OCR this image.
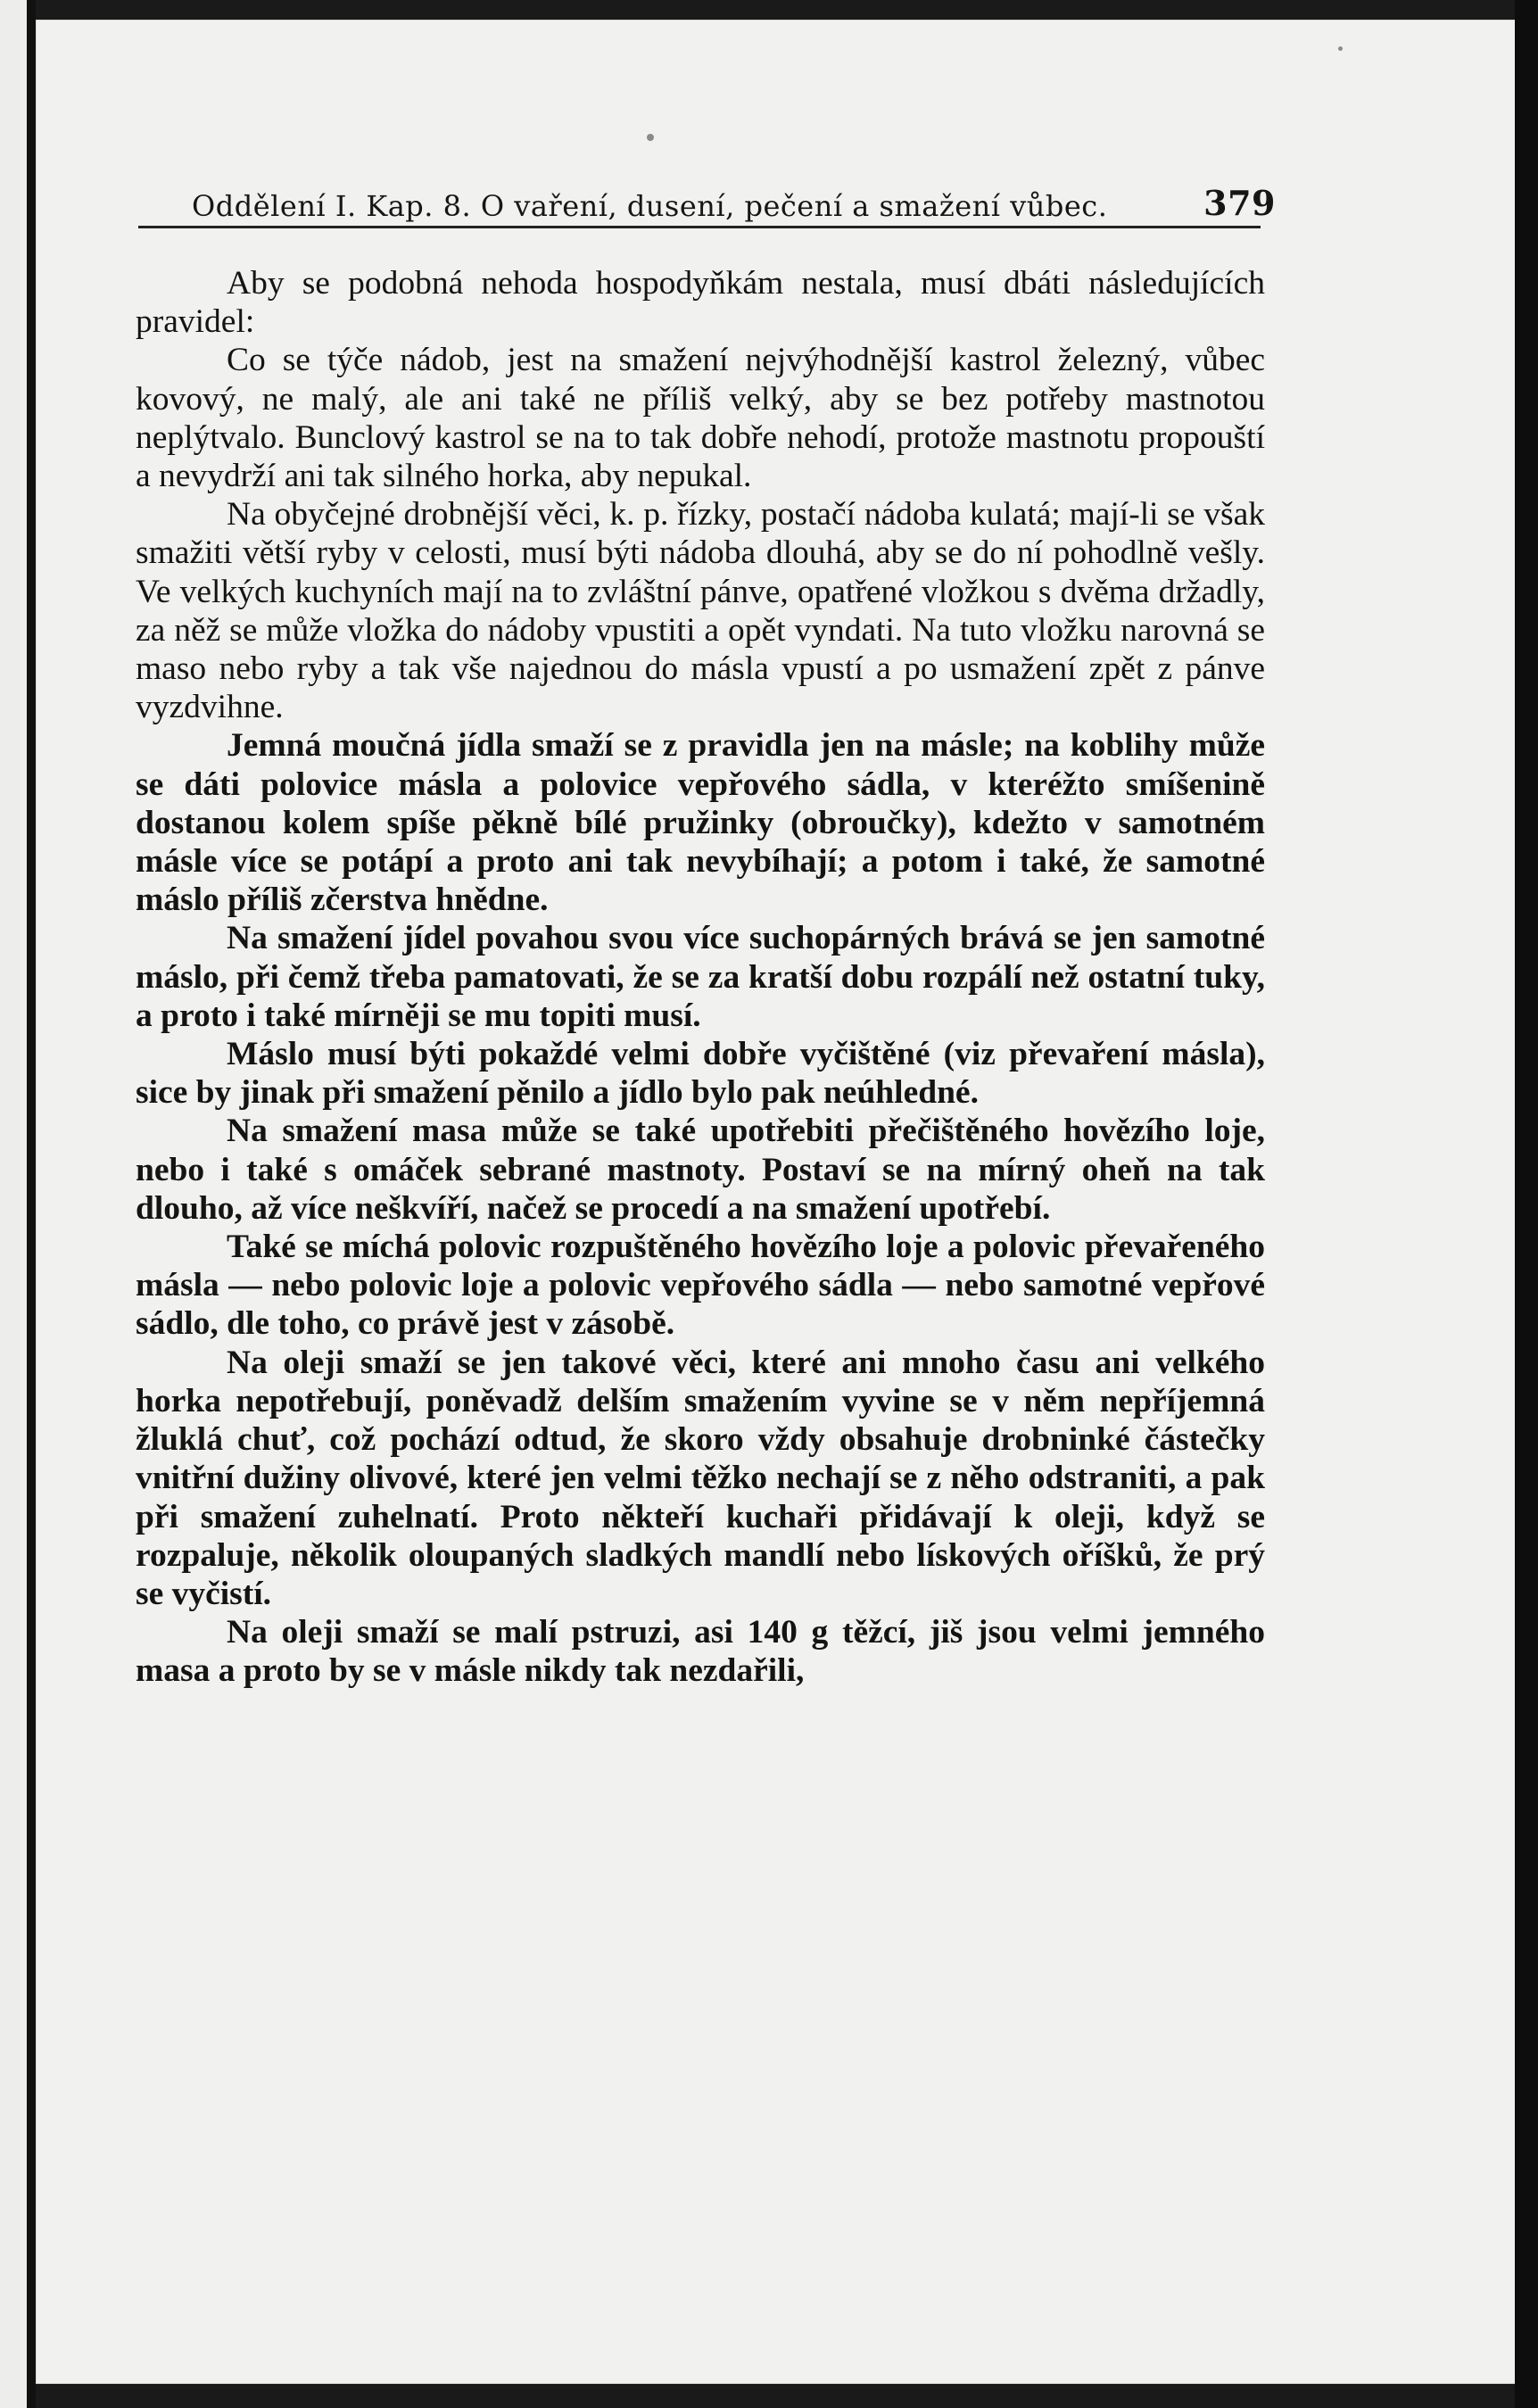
Oddělení I. Kap. 8. O vaření, dusení, pečení a smažení vůbec.	379

Aby se podobná nehoda hospodyňkám nestala, musí dbáti následujících pravidel:

Co se týče nádob, jest na smažení nejvýhodnější kastrol železný, vůbec kovový, ne malý, ale ani také ne příliš velký, aby se bez potřeby mastnotou neplýtvalo. Bunclový kastrol se na to tak dobře nehodí, protože mastnotu propouští a nevydrží ani tak silného horka, aby nepukal.

Na obyčejné drobnější věci, k. p. řízky, postačí nádoba kulatá; mají-li se však smažiti větší ryby v celosti, musí býti nádoba dlouhá, aby se do ní pohodlně vešly. Ve velkých kuchyních mají na to zvláštní pánve, opatřené vložkou s dvěma držadly, za něž se může vložka do nádoby vpustiti a opět vyndati. Na tuto vložku narovná se maso nebo ryby a tak vše najednou do másla vpustí a po usmažení zpět z pánve vyzdvihne.

Jemná moučná jídla smaží se z pravidla jen na másle; na koblihy může se dáti polovice másla a polovice vepřového sádla, v kteréžto smíšenině dostanou kolem spíše pěkně bílé pružinky (obroučky), kdežto v samotném másle více se potápí a proto ani tak nevybíhají; a potom i také, že samotné máslo příliš zčerstva hnědne.

Na smažení jídel povahou svou více suchopárných brává se jen samotné máslo, při čemž třeba pamatovati, že se za kratší dobu rozpálí než ostatní tuky, a proto i také mírněji se mu topiti musí.

Máslo musí býti pokaždé velmi dobře vyčištěné (viz převaření másla), sice by jinak při smažení pěnilo a jídlo bylo pak neúhledné.

Na smažení masa může se také upotřebiti přečištěného hovězího loje, nebo i také s omáček sebrané mastnoty. Postaví se na mírný oheň na tak dlouho, až více neškvíří, načež se procedí a na smažení upotřebí.

Také se míchá polovic rozpuštěného hovězího loje a polovic převařeného másla — nebo polovic loje a polovic vepřového sádla — nebo samotné vepřové sádlo, dle toho, co právě jest v zásobě.

Na oleji smaží se jen takové věci, které ani mnoho času ani velkého horka nepotřebují, poněvadž delším smažením vyvine se v něm nepříjemná žluklá chuť, což pochází odtud, že skoro vždy obsahuje drobninké částečky vnitřní dužiny olivové, které jen velmi těžko nechají se z něho odstraniti, a pak při smažení zuhelnatí. Proto někteří kuchaři přidávají k oleji, když se rozpaluje, několik oloupaných sladkých mandlí nebo lískových oříšků, že prý se vyčistí.

Na oleji smaží se malí pstruzi, asi 140 g těžcí, jiš jsou velmi jemného masa a proto by se v másle nikdy tak nezdařili,
